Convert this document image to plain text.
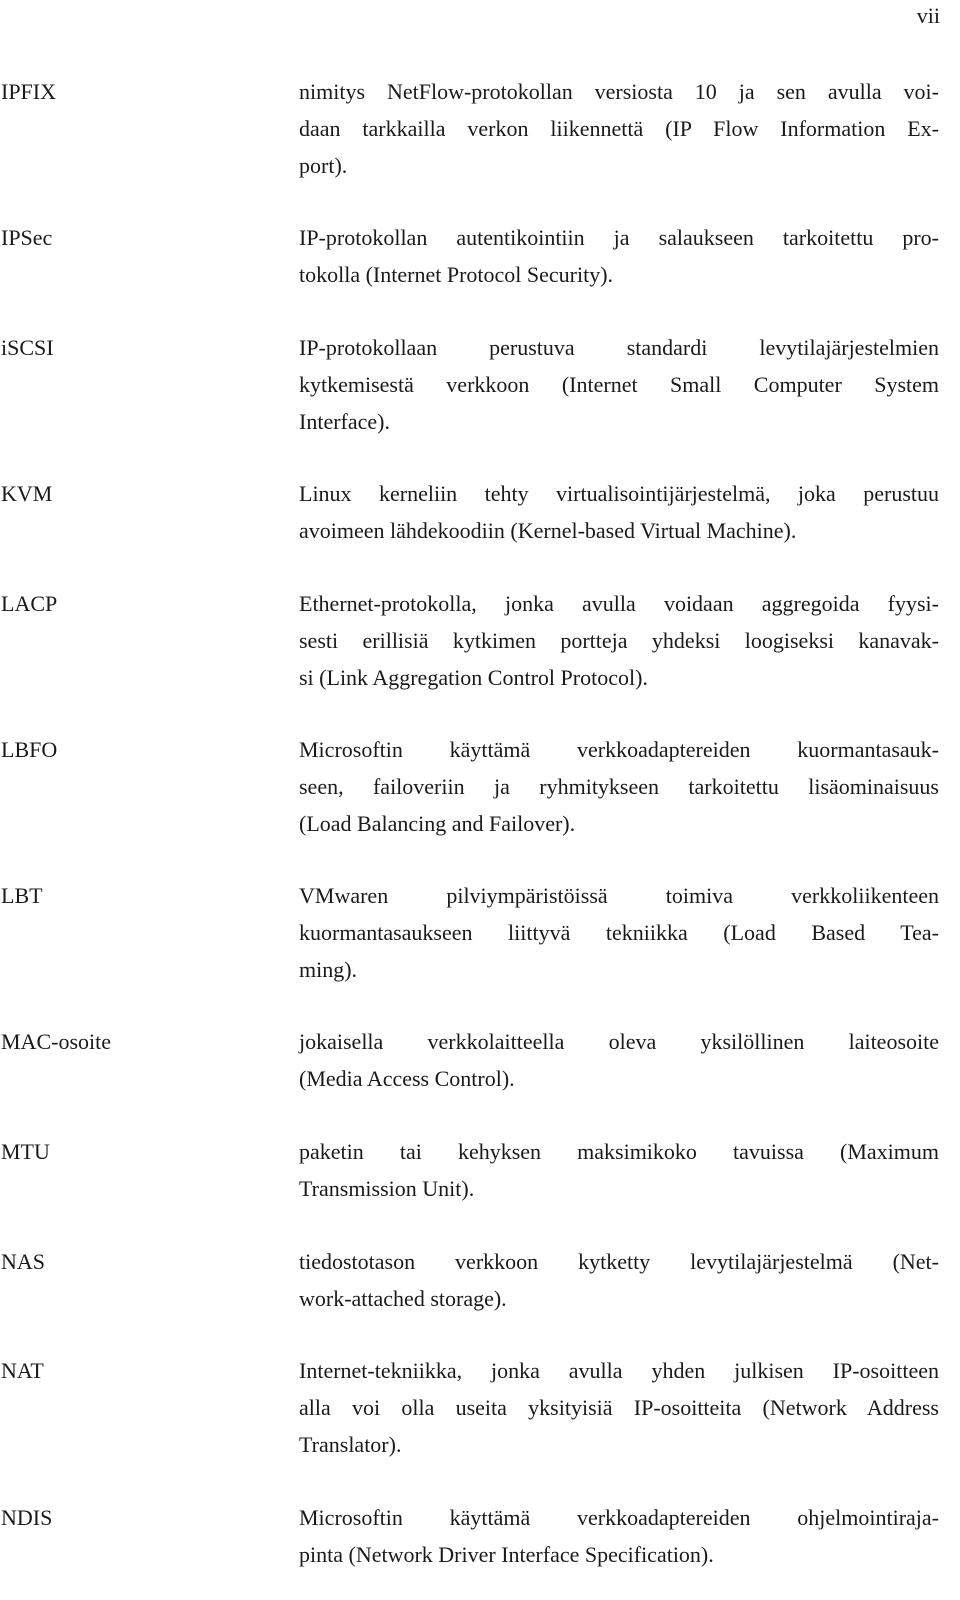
vii
IPFIX	nimitys NetFlow-protokollan versiosta 10 ja sen avulla voi-
daan tarkkailla verkon liikennettä (IP Flow Information Ex-
port).
IPSec	IP-protokollan autentikointiin ja salaukseen tarkoitettu pro-
tokolla (Internet Protocol Security).
iSCSI	IP-protokollaan perustuva standardi levytilajärjestelmien
kytkemisestä verkkoon (Internet Small Computer System
Interface).
KVM	Linux kerneliin tehty virtualisointijärjestelmä, joka perustuu
avoimeen lähdekoodiin (Kernel-based Virtual Machine).
LACP	Ethernet-protokolla, jonka avulla voidaan aggregoida fyysi-
sesti erillisiä kytkimen portteja yhdeksi loogiseksi kanavak-
si (Link Aggregation Control Protocol).
LBFO	Microsoftin käyttämä verkkoadaptereiden kuormantasauk-
seen, failoveriin ja ryhmitykseen tarkoitettu lisäominaisuus
(Load Balancing and Failover).
LBT	VMwaren pilviympäristöissä toimiva verkkoliikenteen
kuormantasaukseen liittyvä tekniikka (Load Based Tea-
ming).
MAC-osoite	jokaisella verkkolaitteella oleva yksilöllinen laiteosoite
(Media Access Control).
MTU	paketin tai kehyksen maksimikoko tavuissa (Maximum
Transmission Unit).
NAS	tiedostotason verkkoon kytketty levytilajärjestelmä (Net-
work-attached storage).
NAT	Internet-tekniikka, jonka avulla yhden julkisen IP-osoitteen
alla voi olla useita yksityisiä IP-osoitteita (Network Address
Translator).
NDIS	Microsoftin käyttämä verkkoadaptereiden ohjelmointiraja-
pinta (Network Driver Interface Specification).
